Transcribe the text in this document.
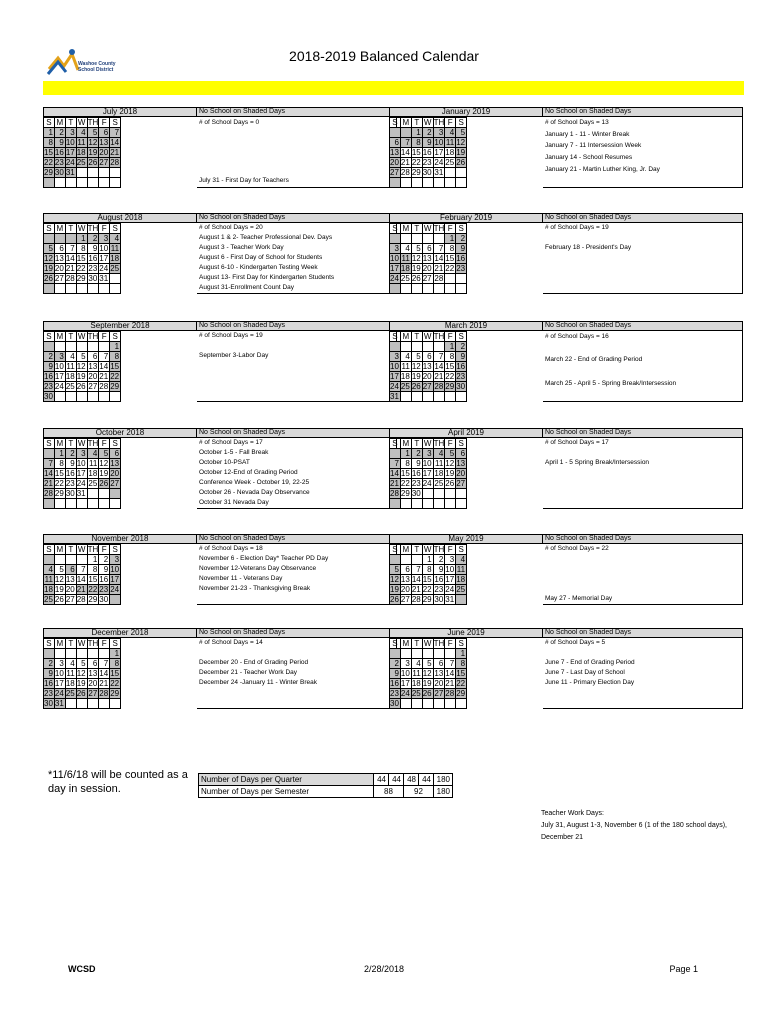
Washoe County
School District
2018-2019 Balanced Calendar
July 2018	No School on Shaded Days
S	M	T	W	TH	F	S
1	2	3	4	5	6	7
8	9	10	11	12	13	14
15	16	17	18	19	20	21
22	23	24	25	26	27	28
29	30	31				

# of School Days = 0
July 31 - First Day for Teachers
January 2019	No School on Shaded Days
S	M	T	W	TH	F	S
		1	2	3	4	5
6	7	8	9	10	11	12
13	14	15	16	17	18	19
20	21	22	23	24	25	26
27	28	29	30	31		

# of School Days = 13
January 1 - 11 - Winter Break
January 7 - 11 Intersession Week
January 14 - School Resumes
January 21 - Martin Luther King, Jr. Day
August 2018	No School on Shaded Days
S	M	T	W	TH	F	S
			1	2	3	4
5	6	7	8	9	10	11
12	13	14	15	16	17	18
19	20	21	22	23	24	25
26	27	28	29	30	31	

# of School Days = 20
August 1 & 2- Teacher Professional Dev. Days
August 3 - Teacher Work Day
August 6 - First Day of School for Students
August 6-10 - Kindergarten Testing Week
August 13- First Day for Kindergarten Students
August 31-Enrollment Count Day
February 2019	No School on Shaded Days
S	M	T	W	TH	F	S
					1	2
3	4	5	6	7	8	9
10	11	12	13	14	15	16
17	18	19	20	21	22	23
24	25	26	27	28		

# of School Days = 19
February 18 - President's Day
September 2018	No School on Shaded Days
S	M	T	W	TH	F	S
						1
2	3	4	5	6	7	8
9	10	11	12	13	14	15
16	17	18	19	20	21	22
23	24	25	26	27	28	29
30						
# of School Days = 19
September 3-Labor Day
March 2019	No School on Shaded Days
S	M	T	W	TH	F	S
					1	2
3	4	5	6	7	8	9
10	11	12	13	14	15	16
17	18	19	20	21	22	23
24	25	26	27	28	29	30
31						
# of School Days = 16
March 22 - End of Grading Period
March 25 - April 5 - Spring Break/Intersession
October 2018	No School on Shaded Days
S	M	T	W	TH	F	S
	1	2	3	4	5	6
7	8	9	10	11	12	13
14	15	16	17	18	19	20
21	22	23	24	25	26	27
28	29	30	31			

# of School Days = 17
October 1-5 - Fall Break
October 10-PSAT
October 12-End of Grading Period
Conference Week - October 19, 22-25
October 26 - Nevada Day Observance
October 31 Nevada Day
April 2019	No School on Shaded Days
S	M	T	W	TH	F	S
	1	2	3	4	5	6
7	8	9	10	11	12	13
14	15	16	17	18	19	20
21	22	23	24	25	26	27
28	29	30				

# of School Days = 17
April 1 - 5 Spring Break/Intersession
November 2018	No School on Shaded Days
S	M	T	W	TH	F	S
				1	2	3
4	5	6	7	8	9	10
11	12	13	14	15	16	17
18	19	20	21	22	23	24
25	26	27	28	29	30	
# of School Days = 18
November 6 - Election Day* Teacher PD Day
November 12-Veterans Day Observance
November 11 - Veterans Day
November 21-23 - Thanksgiving Break
May 2019	No School on Shaded Days
S	M	T	W	TH	F	S
			1	2	3	4
5	6	7	8	9	10	11
12	13	14	15	16	17	18
19	20	21	22	23	24	25
26	27	28	29	30	31	
# of School Days = 22
May 27 - Memorial Day
December 2018	No School on Shaded Days
S	M	T	W	TH	F	S
						1
2	3	4	5	6	7	8
9	10	11	12	13	14	15
16	17	18	19	20	21	22
23	24	25	26	27	28	29
30	31					
# of School Days = 14
December 20 - End of Grading Period
December 21 - Teacher Work Day
December 24 -January 11 - Winter Break
June 2019	No School on Shaded Days
S	M	T	W	TH	F	S
						1
2	3	4	5	6	7	8
9	10	11	12	13	14	15
16	17	18	19	20	21	22
23	24	25	26	27	28	29
30						
# of School Days = 5
June 7 - End of Grading Period
June 7 - Last Day of School
June 11 - Primary Election Day
*11/6/18 will be counted as a day in session.
Number of Days per Quarter	44	44	48	44	180
Number of Days per Semester	88		92		180
Teacher Work Days:
July 31, August 1-3, November 6 (1 of the 180 school days), December 21
WCSD	2/28/2018	Page 1
